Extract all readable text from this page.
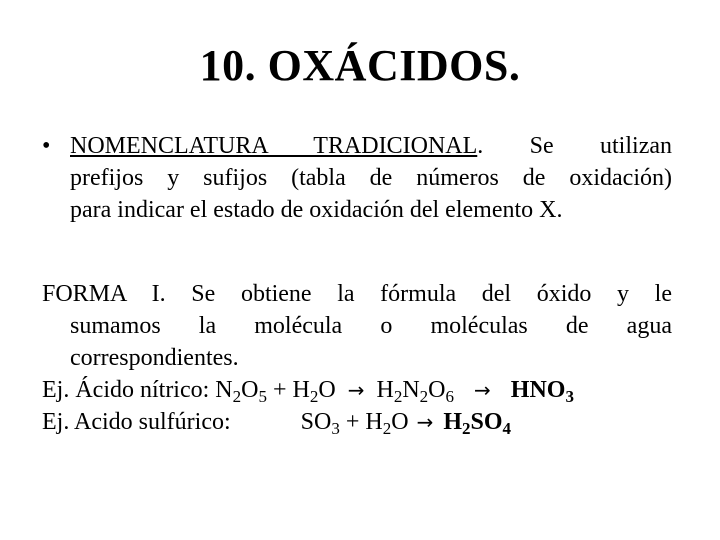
10. OXÁCIDOS.
• NOMENCLATURA TRADICIONAL. Se utilizan
prefijos y sufijos (tabla de números de oxidación)
para indicar el estado de oxidación del elemento X.
FORMA I. Se obtiene la fórmula del óxido y le
sumamos la molécula o moléculas de agua
correspondientes.
Ej. Ácido nítrico: $N_2O_5 + H_2O \to H_2N_2O_6 \to HNO_3$
Ej. Acido sulfúrico:	$SO_3 + H_2O \to H_2SO_4$
